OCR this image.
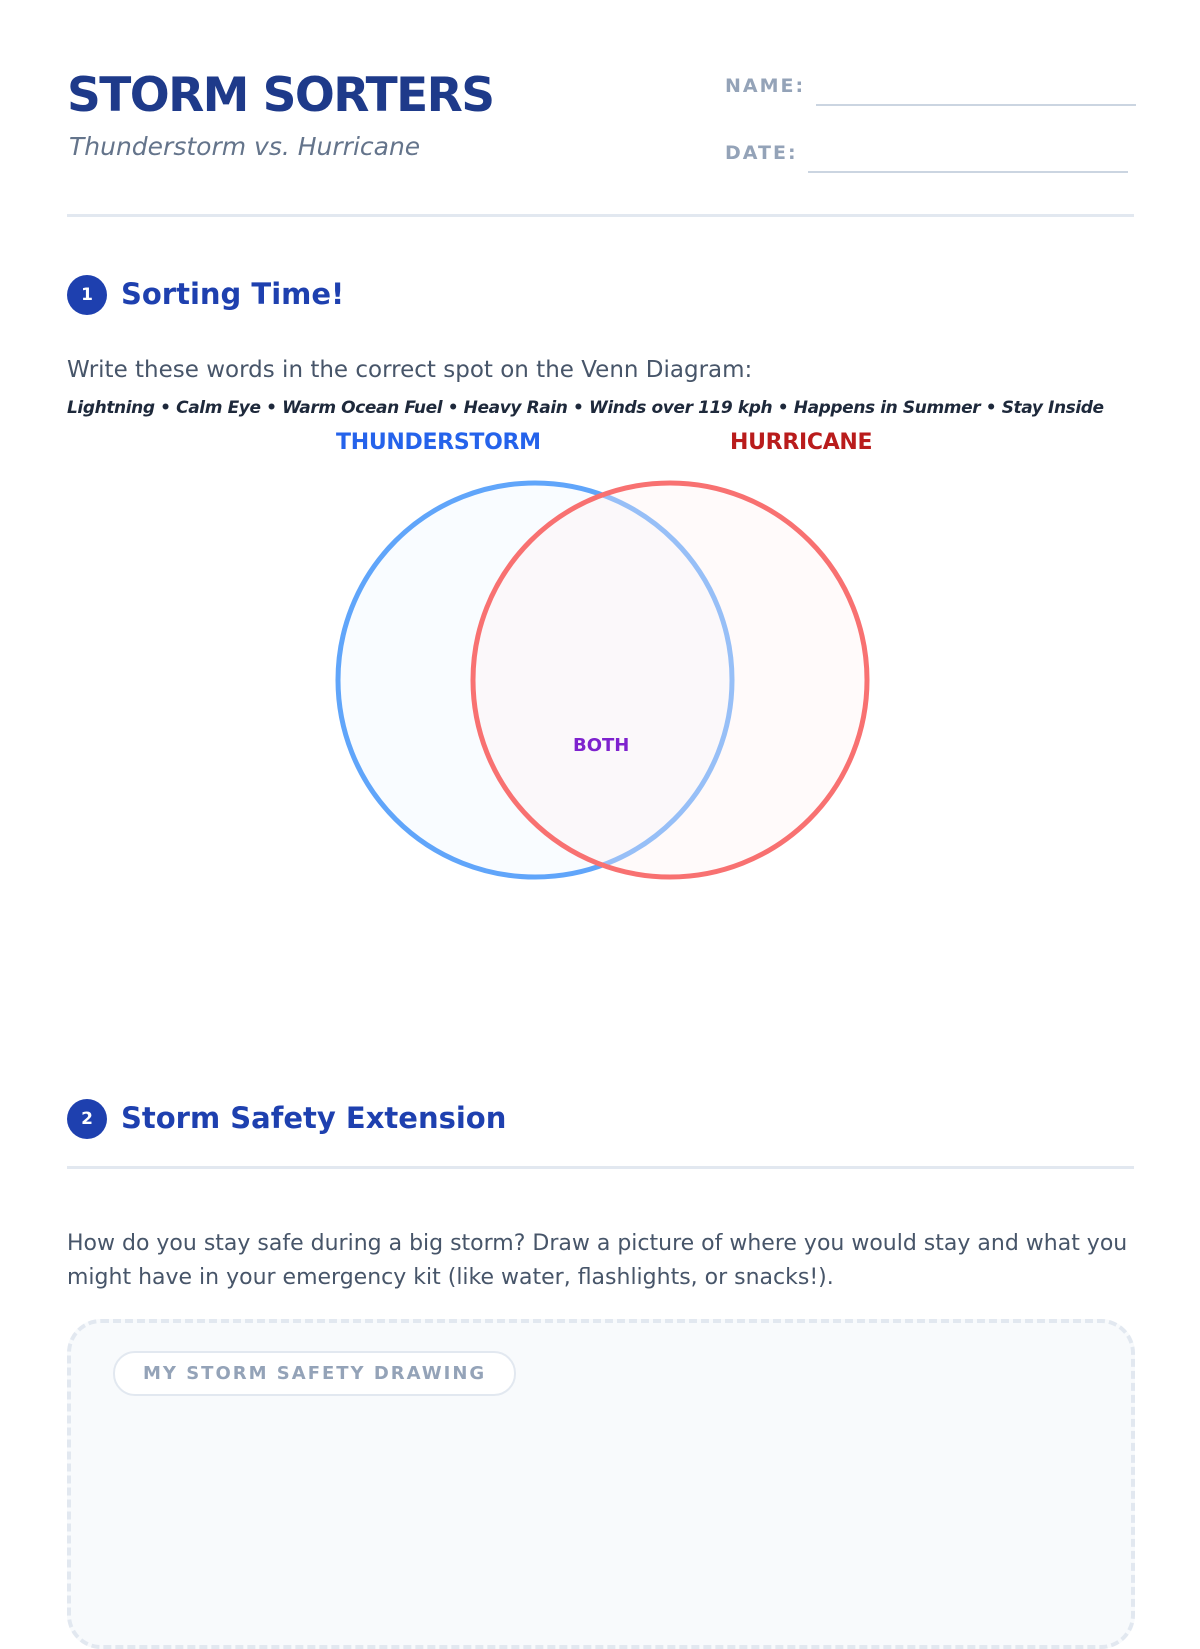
STORM SORTERS
Thunderstorm vs. Hurricane
NAME:
DATE:
1 Sorting Time!
Write these words in the correct spot on the Venn Diagram:
Lightning • Calm Eye • Warm Ocean Fuel • Heavy Rain • Winds over 119 kph • Happens in Summer • Stay Inside
THUNDERSTORM	HURRICANE
BOTH
2 Storm Safety Extension

How do you stay safe during a big storm? Draw a picture of where you would stay and what you might have in your emergency kit (like water, flashlights, or snacks!).

MY STORM SAFETY DRAWING
